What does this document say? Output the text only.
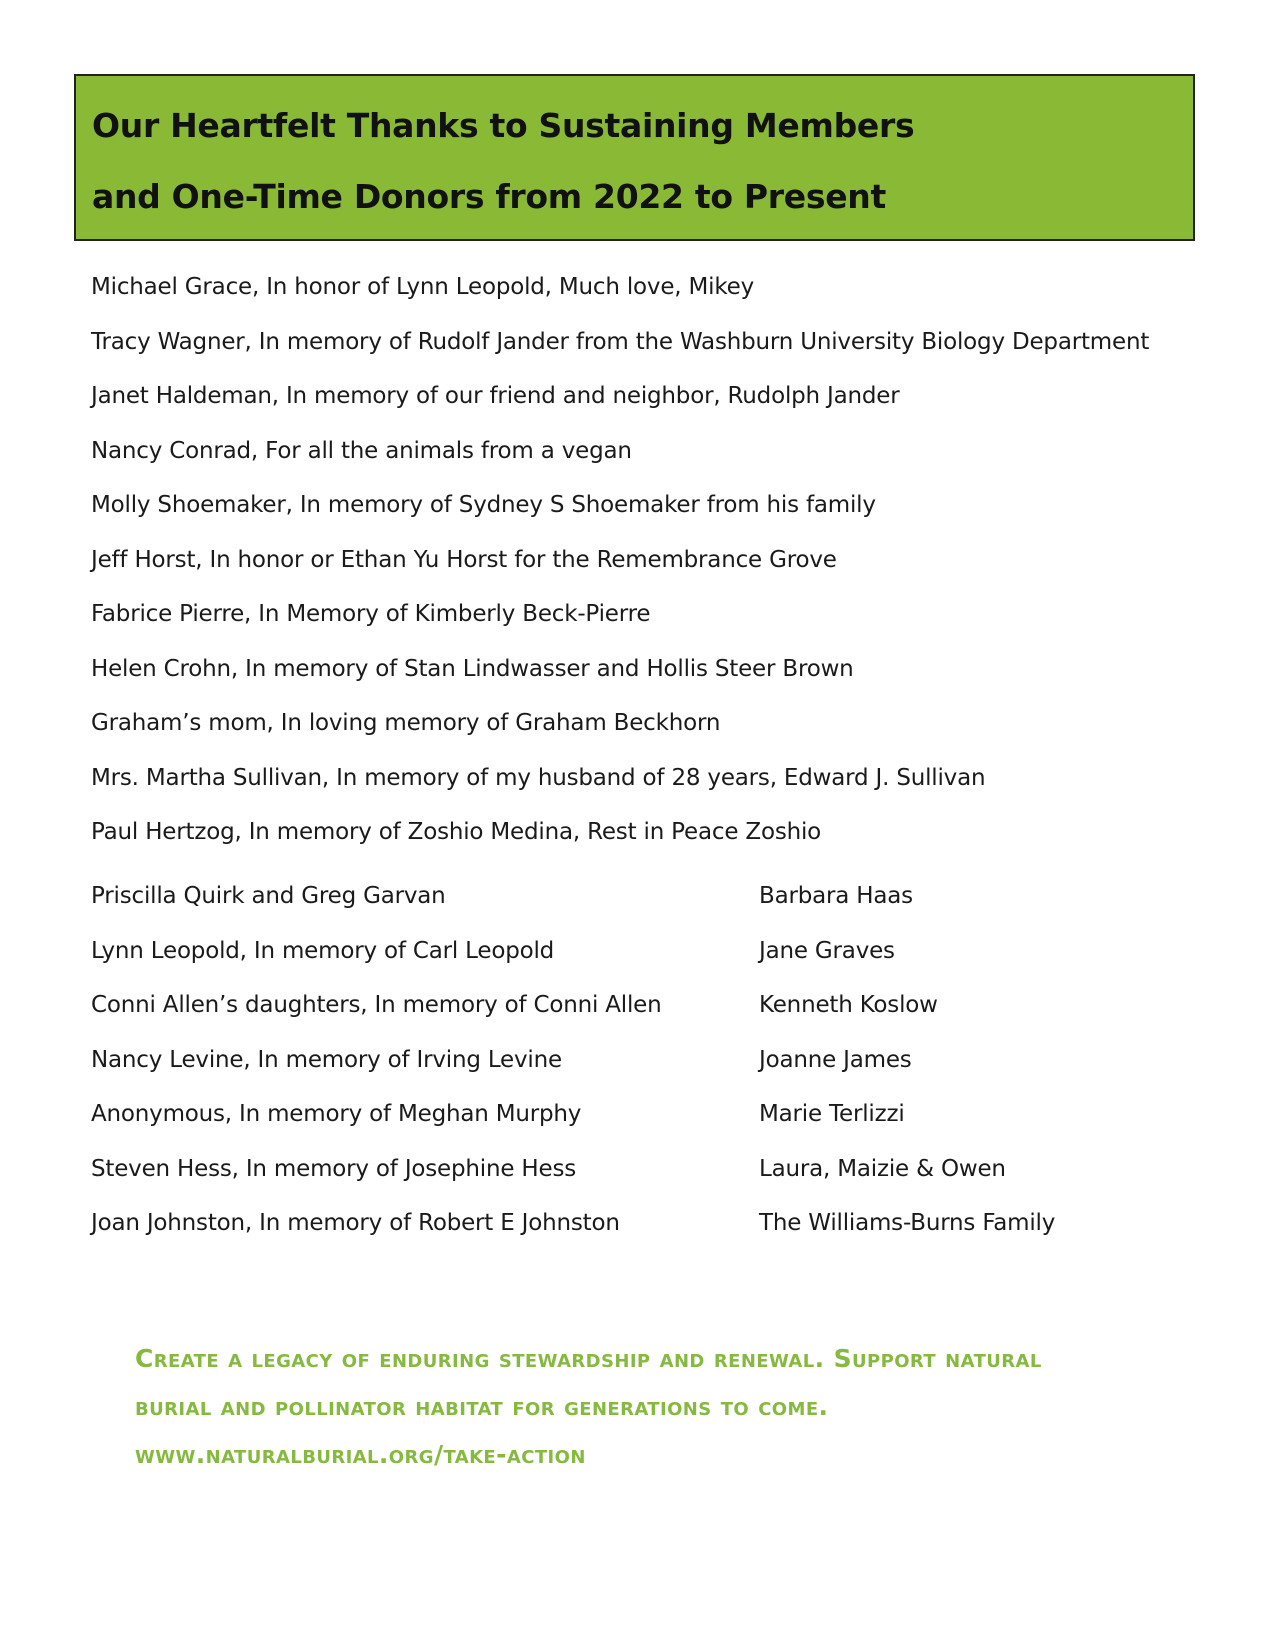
Our Heartfelt Thanks to Sustaining Members
and One-Time Donors from 2022 to Present
Michael Grace, In honor of Lynn Leopold, Much love, Mikey
Tracy Wagner, In memory of Rudolf Jander from the Washburn University Biology Department
Janet Haldeman, In memory of our friend and neighbor, Rudolph Jander
Nancy Conrad, For all the animals from a vegan
Molly Shoemaker, In memory of Sydney S Shoemaker from his family
Jeff Horst, In honor or Ethan Yu Horst for the Remembrance Grove
Fabrice Pierre, In Memory of Kimberly Beck-Pierre
Helen Crohn, In memory of Stan Lindwasser and Hollis Steer Brown
Graham’s mom, In loving memory of Graham Beckhorn
Mrs. Martha Sullivan, In memory of my husband of 28 years, Edward J. Sullivan
Paul Hertzog, In memory of Zoshio Medina, Rest in Peace Zoshio
Priscilla Quirk and Greg Garvan
Lynn Leopold, In memory of Carl Leopold
Conni Allen’s daughters, In memory of Conni Allen
Nancy Levine, In memory of Irving Levine
Anonymous, In memory of Meghan Murphy
Steven Hess, In memory of Josephine Hess
Joan Johnston, In memory of Robert E Johnston
Barbara Haas
Jane Graves
Kenneth Koslow
Joanne James
Marie Terlizzi
Laura, Maizie & Owen
The Williams-Burns Family
Create a legacy of enduring stewardship and renewal. Support natural
burial and pollinator habitat for generations to come.
www.naturalburial.org/take-action
